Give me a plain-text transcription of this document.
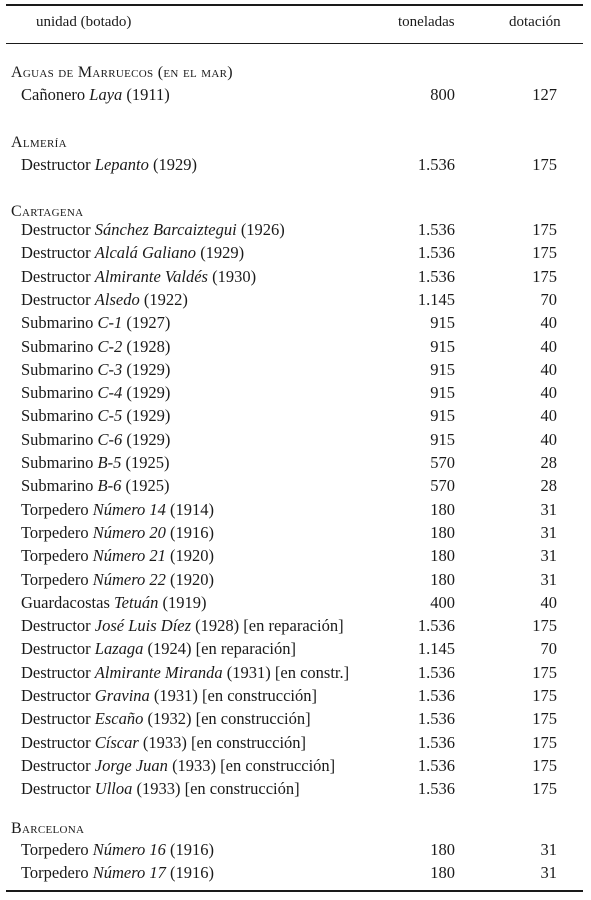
unidad (botado)	toneladas	dotación
Aguas de Marruecos (en el mar)
Cañonero Laya (1911)	800	127
Almería
Destructor Lepanto (1929)	1.536	175
Cartagena
Destructor Sánchez Barcaiztegui (1926)	1.536	175
Destructor Alcalá Galiano (1929)	1.536	175
Destructor Almirante Valdés (1930)	1.536	175
Destructor Alsedo (1922)	1.145	70
Submarino C-1 (1927)	915	40
Submarino C-2 (1928)	915	40
Submarino C-3 (1929)	915	40
Submarino C-4 (1929)	915	40
Submarino C-5 (1929)	915	40
Submarino C-6 (1929)	915	40
Submarino B-5 (1925)	570	28
Submarino B-6 (1925)	570	28
Torpedero Número 14 (1914)	180	31
Torpedero Número 20 (1916)	180	31
Torpedero Número 21 (1920)	180	31
Torpedero Número 22 (1920)	180	31
Guardacostas Tetuán (1919)	400	40
Destructor José Luis Díez (1928) [en reparación]	1.536	175
Destructor Lazaga (1924) [en reparación]	1.145	70
Destructor Almirante Miranda (1931) [en constr.]	1.536	175
Destructor Gravina (1931) [en construcción]	1.536	175
Destructor Escaño (1932) [en construcción]	1.536	175
Destructor Císcar (1933) [en construcción]	1.536	175
Destructor Jorge Juan (1933) [en construcción]	1.536	175
Destructor Ulloa (1933) [en construcción]	1.536	175
Barcelona
Torpedero Número 16 (1916)	180	31
Torpedero Número 17 (1916)	180	31
